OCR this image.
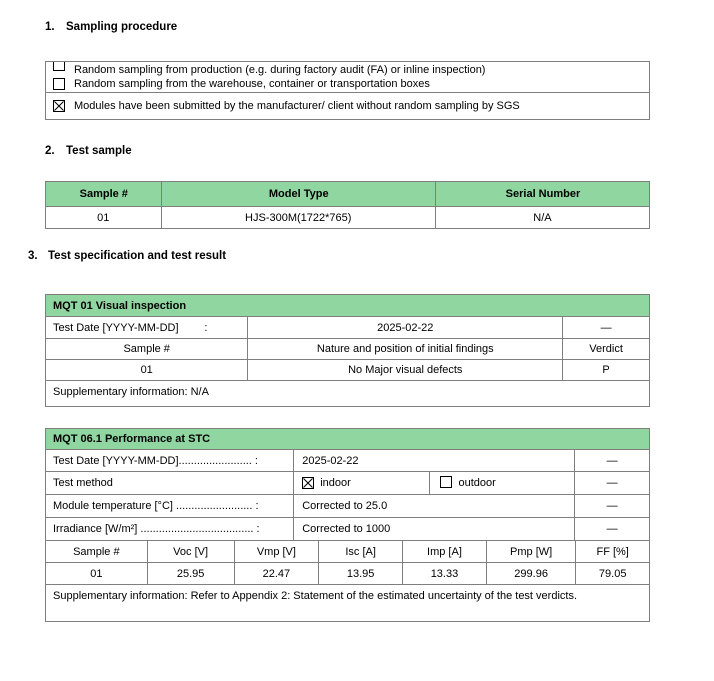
1. Sampling procedure
Random sampling from production (e.g. during factory audit (FA) or inline inspection)
Random sampling from the warehouse, container or transportation boxes
Modules have been submitted by the manufacturer/ client without random sampling by SGS
2. Test sample
Sample #	Model Type	Serial Number
01	HJS-300M(1722*765)	N/A
3. Test specification and test result
MQT 01 Visual inspection
Test Date [YYYY-MM-DD] :	2025-02-22	—
Sample #	Nature and position of initial findings	Verdict
01	No Major visual defects	P
Supplementary information: N/A
MQT 06.1 Performance at STC
Test Date [YYYY-MM-DD]........................ :	2025-02-22	—
Test method	indoor	outdoor	—
Module temperature [°C] ......................... :	Corrected to 25.0	—
Irradiance [W/m²] ..................................... :	Corrected to 1000	—
Sample #	Voc [V]	Vmp [V]	Isc [A]	Imp [A]	Pmp [W]	FF [%]
01	25.95	22.47	13.95	13.33	299.96	79.05
Supplementary information: Refer to Appendix 2: Statement of the estimated uncertainty of the test verdicts.
